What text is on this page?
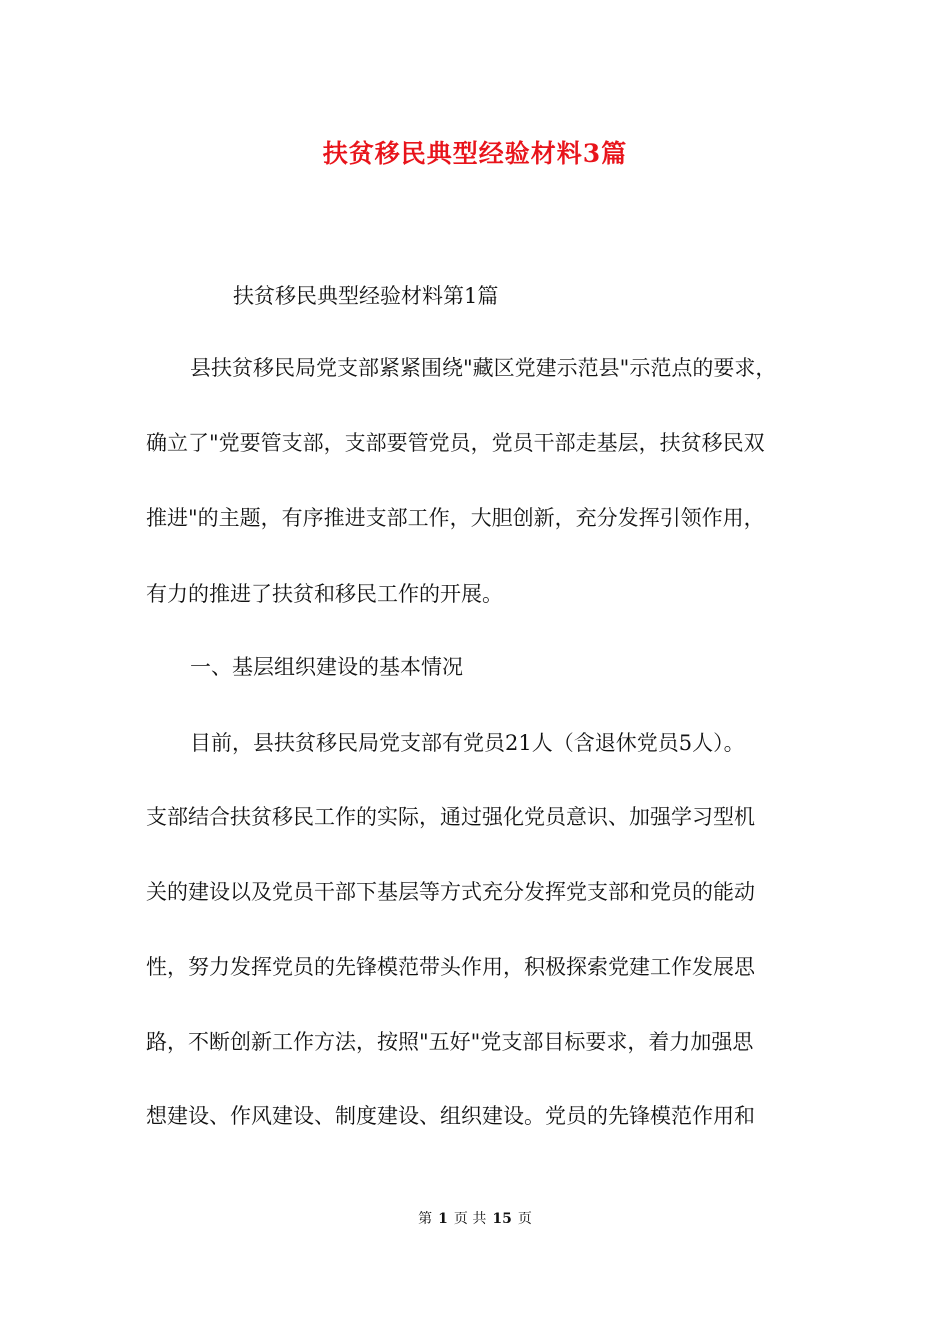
扶贫移民典型经验材料3篇
扶贫移民典型经验材料第1篇
县扶贫移民局党支部紧紧围绕"藏区党建示范县"示范点的要求，
确立了"党要管支部，支部要管党员，党员干部走基层，扶贫移民双
推进"的主题，有序推进支部工作，大胆创新，充分发挥引领作用，
有力的推进了扶贫和移民工作的开展。
一、基层组织建设的基本情况
目前，县扶贫移民局党支部有党员21人（含退休党员5人）。
支部结合扶贫移民工作的实际，通过强化党员意识、加强学习型机
关的建设以及党员干部下基层等方式充分发挥党支部和党员的能动
性，努力发挥党员的先锋模范带头作用，积极探索党建工作发展思
路，不断创新工作方法，按照"五好"党支部目标要求，着力加强思
想建设、作风建设、制度建设、组织建设。党员的先锋模范作用和
第 1 页 共 15 页
